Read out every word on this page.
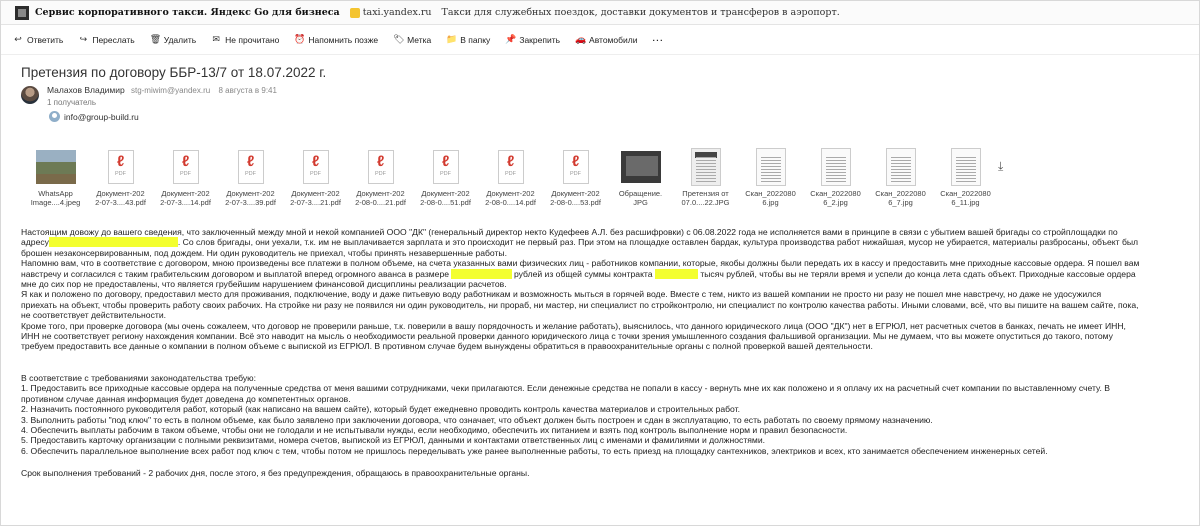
Сервис корпоративного такси. Яндекс Go для бизнеса taxi.yandex.ru Такси для служебных поездок, доставки документов и трансферов в аэропорт.
↩ Ответить ↪ Переслать 🗑 Удалить ✉ Не прочитано ⏰ Напомнить позже 🏷 Метка 📁 В папку 📌 Закрепить 🚗 Автомобили ···
Претензия по договору ББР-13/7 от 18.07.2022 г.
Малахов Владимир stg-miwim@yandex.ru 8 августа в 9:41
1 получатель
info@group-build.ru
WhatsApp
Image....4.jpeg
ℓ
PDF
Документ-202
2-07-3....43.pdf
ℓ
PDF
Документ-202
2-07-3....14.pdf
ℓ
PDF
Документ-202
2-07-3....39.pdf
ℓ
PDF
Документ-202
2-07-3....21.pdf
ℓ
PDF
Документ-202
2-08-0....21.pdf
ℓ
PDF
Документ-202
2-08-0....51.pdf
ℓ
PDF
Документ-202
2-08-0....14.pdf
ℓ
PDF
Документ-202
2-08-0....53.pdf
Обращение.
JPG
Претензия от
07.0....22.JPG
Скан_2022080
6.jpg
Скан_2022080
6_2.jpg
Скан_2022080
6_7.jpg
Скан_2022080
6_11.jpg
⤓

Настоящим довожу до вашего сведения, что заключенный между мной и некой компанией ООО "ДК" (генеральный директор некто Кудефеев А.Л. без расшифровки) с 06.08.2022 года не исполняется вами в принципе в связи с убытием вашей бригады со стройплощадки по

адресу	. Со слов бригады, они уехали, т.к. им не выплачивается зарплата и это происходит не первый раз. При этом на площадке оставлен бардак, культура производства работ нижайшая, мусор не убирается, материалы разбросаны, объект был

брошен незаконсервированным, под дождем. Ни один руководитель не приехал, чтобы принять незавершенные работы.

Напомню вам, что в соответствие с договором, мною произведены все платежи в полном объеме, на счета указанных вами физических лиц - работников компании, которые, якобы должны были передать их в кассу и предоставить мне приходные кассовые ордера. Я пошел вам

навстречу и согласился с таким грабительским договором и выплатой вперед огромного аванса в размере	рублей из общей суммы контракта	тысяч рублей, чтобы вы не теряли время и успели до конца лета сдать объект. Приходные кассовые ордера

мне до сих пор не предоставлены, что является грубейшим нарушением финансовой дисциплины реализации расчетов.

Я как и положено по договору, предоставил место для проживания, подключение, воду и даже питьевую воду работникам и возможность мыться в горячей воде. Вместе с тем, никто из вашей компании не просто ни разу не пошел мне навстречу, но даже не удосужился

приехать на объект, чтобы проверить работу своих рабочих. На стройке ни разу не появился ни один руководитель, ни прораб, ни мастер, ни специалист по стройконтролю, ни специалист по контролю качества работы. Иными словами, всё, что вы пишите на вашем сайте, пока,

не соответствует действительности.

Кроме того, при проверке договора (мы очень сожалеем, что договор не проверили раньше, т.к. поверили в вашу порядочность и желание работать), выяснилось, что данного юридического лица (ООО "ДК") нет в ЕГРЮЛ, нет расчетных счетов в банках, печать не имеет ИНН,

ИНН не соответствует региону нахождения компании. Всё это наводит на мысль о необходимости реальной проверки данного юридического лица с точки зрения умышленного создания фальшивой организации. Мы не думаем, что вы можете опуститься до такого, потому

требуем предоставить все данные о компании в полном объеме с выпиской из ЕГРЮЛ. В противном случае будем вынуждены обратиться в правоохранительные органы с полной проверкой вашей деятельности.

В соответствие с требованиями законодательства требую:

1. Предоставить все приходные кассовые ордера на полученные средства от меня вашими сотрудниками, чеки прилагаются. Если денежные средства не попали в кассу - вернуть мне их как положено и я оплачу их на расчетный счет компании по выставленному счету. В

противном случае данная информация будет доведена до компетентных органов.

2. Назначить постоянного руководителя работ, который (как написано на вашем сайте), который будет ежедневно проводить контроль качества материалов и строительных работ.

3. Выполнить работы "под ключ" то есть в полном объеме, как было заявлено при заключении договора, что означает, что объект должен быть построен и сдан в эксплуатацию, то есть работать по своему прямому назначению.

4. Обеспечить выплаты рабочим в таком объеме, чтобы они не голодали и не испытывали нужды, если необходимо, обеспечить их питанием и взять под контроль выполнение норм и правил безопасности.

5. Предоставить карточку организации с полными реквизитами, номера счетов, выпиской из ЕГРЮЛ, данными и контактами ответственных лиц с именами и фамилиями и должностями.

6. Обеспечить параллельное выполнение всех работ под ключ с тем, чтобы потом не пришлось переделывать уже ранее выполненные работы, то есть приезд на площадку сантехников, электриков и всех, кто занимается обеспечением инженерных сетей.

Срок выполнения требований - 2 рабочих дня, после этого, я без предупреждения, обращаюсь в правоохранительные органы.
